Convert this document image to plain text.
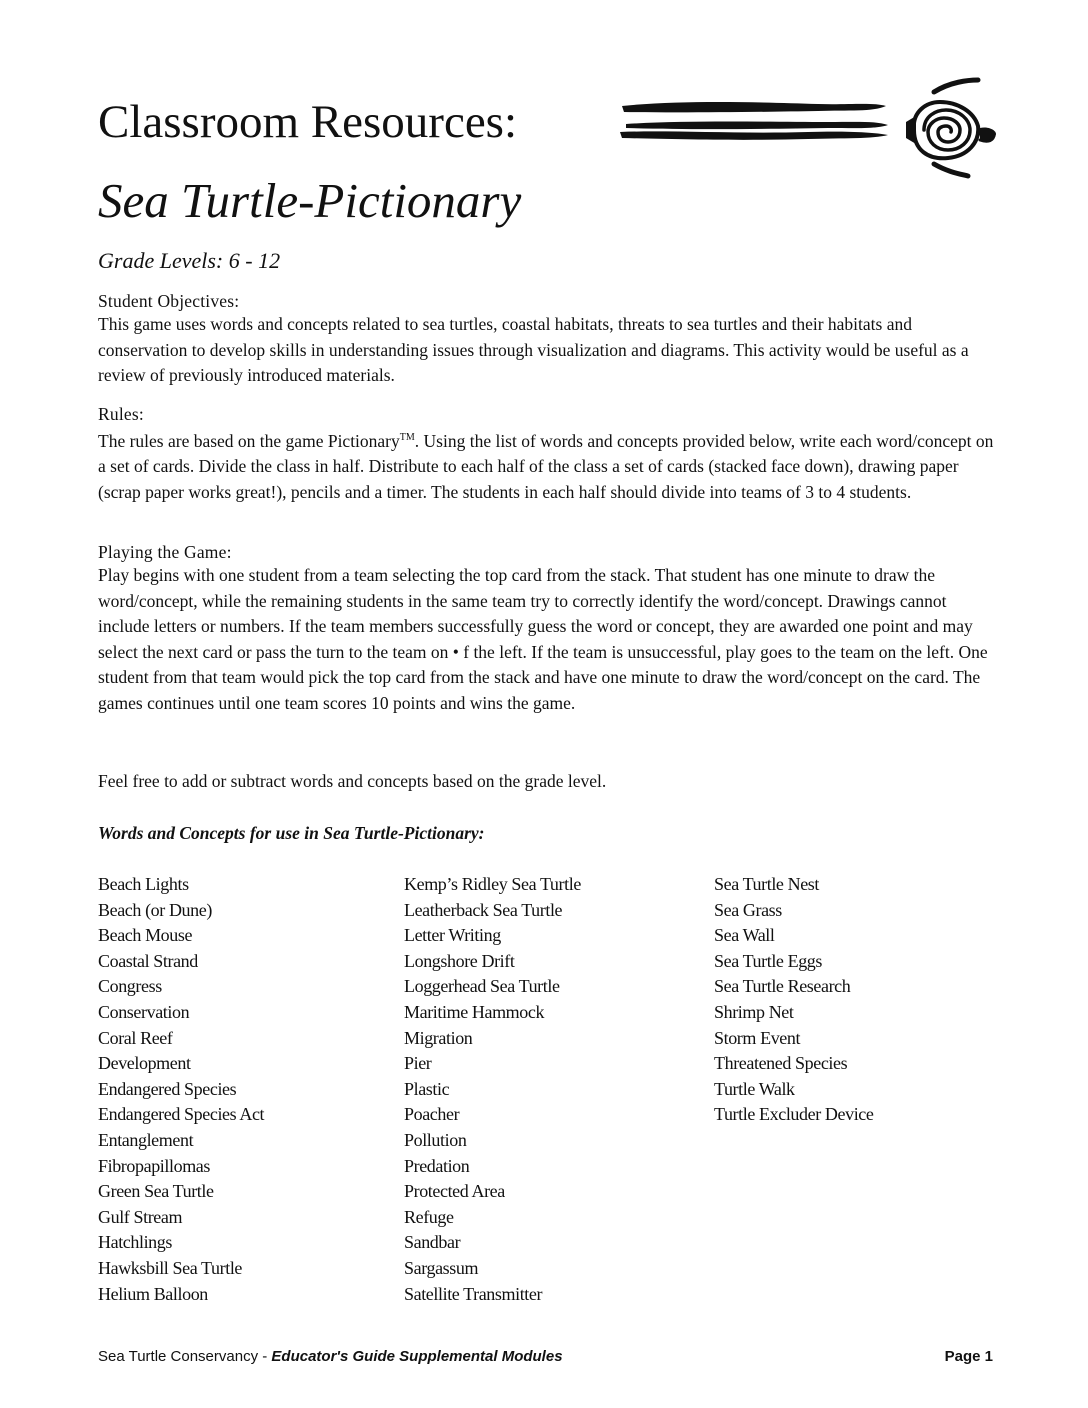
Classroom Resources:
Sea Turtle-Pictionary
Grade Levels: 6 - 12

Student Objectives:

This game uses words and concepts related to sea turtles, coastal habitats, threats to sea turtles and their habitats and conservation to develop skills in understanding issues through visualization and diagrams. This activity would be useful as a review of previously introduced materials.

Rules:

The rules are based on the game Pictionary™. Using the list of words and concepts provided below, write each word/concept on a set of cards. Divide the class in half. Distribute to each half of the class a set of cards (stacked face down), drawing paper (scrap paper works great!), pencils and a timer. The students in each half should divide into teams of 3 to 4 students.

Playing the Game:

Play begins with one student from a team selecting the top card from the stack. That student has one minute to draw the word/concept, while the remaining students in the same team try to correctly identify the word/concept. Drawings cannot include letters or numbers. If the team members successfully guess the word or concept, they are awarded one point and may select the next card or pass the turn to the team on • f the left. If the team is unsuccessful, play goes to the team on the left. One student from that team would pick the top card from the stack and have one minute to draw the word/concept on the card. The games continues until one team scores 10 points and wins the game.

Feel free to add or subtract words and concepts based on the grade level.

Words and Concepts for use in Sea Turtle-Pictionary:
Beach Lights
Beach (or Dune)
Beach Mouse
Coastal Strand
Congress
Conservation
Coral Reef
Development
Endangered Species
Endangered Species Act
Entanglement
Fibropapillomas
Green Sea Turtle
Gulf Stream
Hatchlings
Hawksbill Sea Turtle
Helium Balloon
Kemp’s Ridley Sea Turtle
Leatherback Sea Turtle
Letter Writing
Longshore Drift
Loggerhead Sea Turtle
Maritime Hammock
Migration
Pier
Plastic
Poacher
Pollution
Predation
Protected Area
Refuge
Sandbar
Sargassum
Satellite Transmitter
Sea Turtle Nest
Sea Grass
Sea Wall
Sea Turtle Eggs
Sea Turtle Research
Shrimp Net
Storm Event
Threatened Species
Turtle Walk
Turtle Excluder Device
Sea Turtle Conservancy - Educator's Guide Supplemental Modules	Page 1
